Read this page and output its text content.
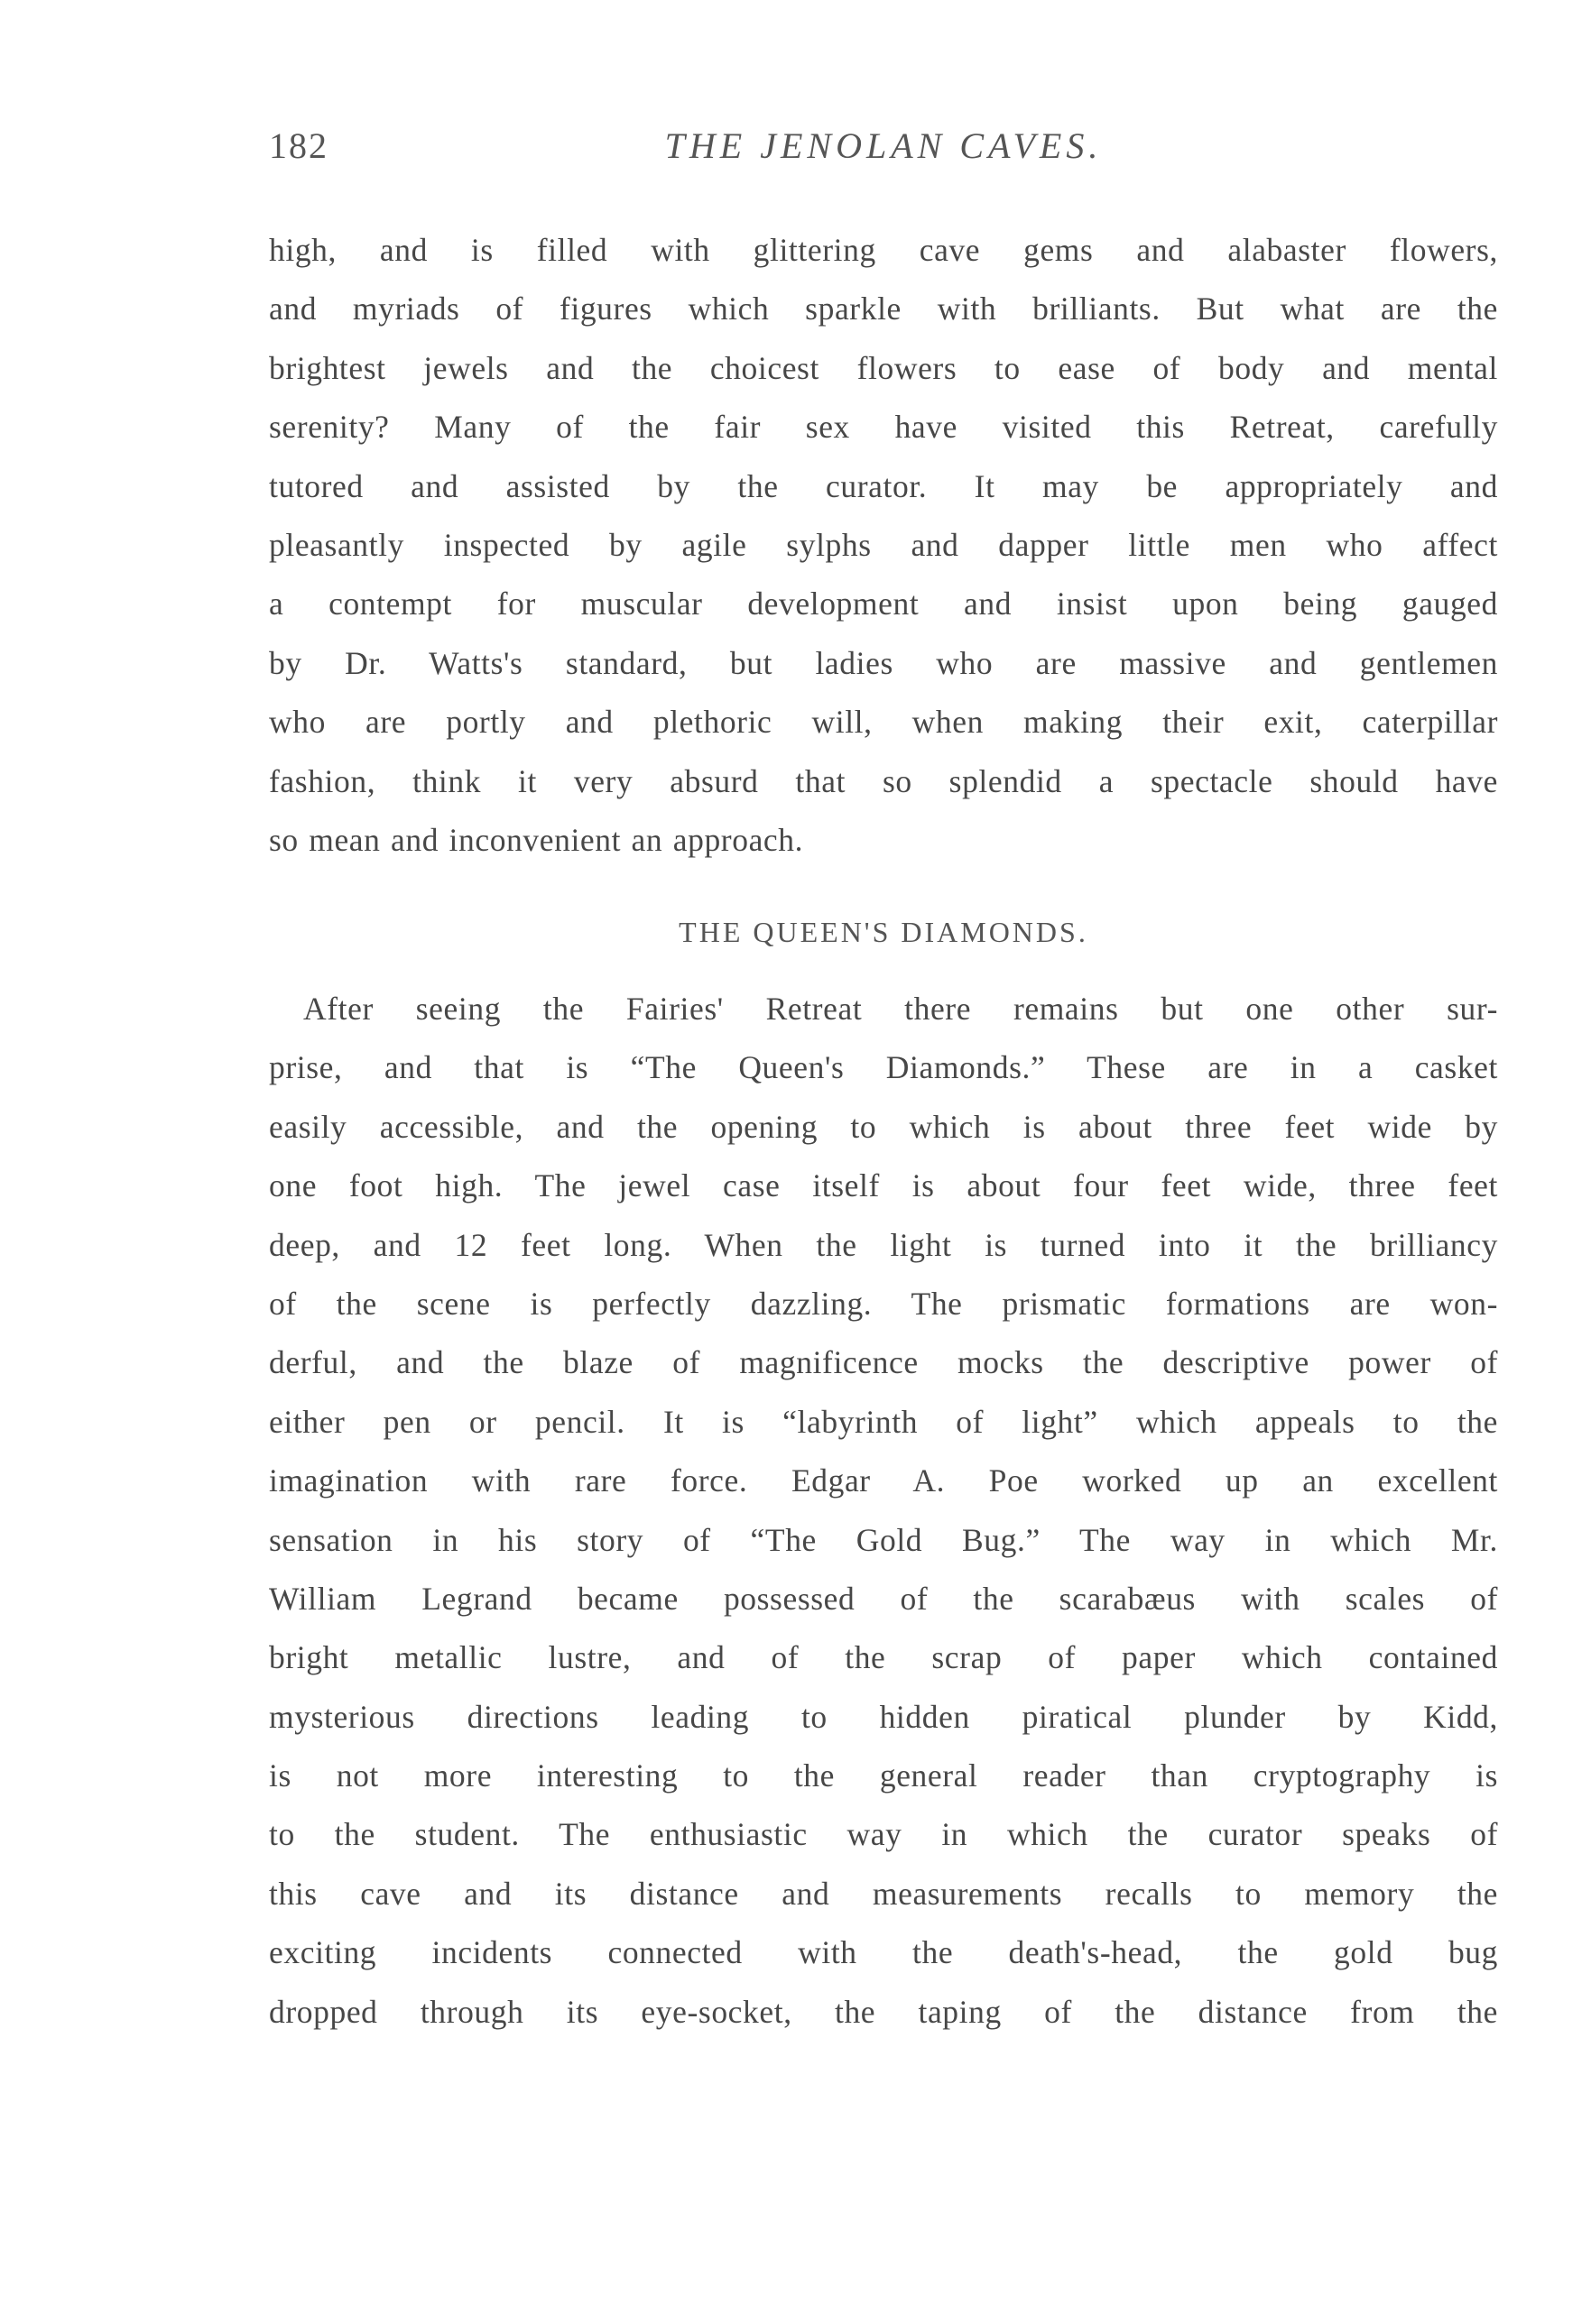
182	THE JENOLAN CAVES.
high, and is filled with glittering cave gems and alabaster flowers,
and myriads of figures which sparkle with brilliants. But what are the
brightest jewels and the choicest flowers to ease of body and mental
serenity? Many of the fair sex have visited this Retreat, carefully
tutored and assisted by the curator. It may be appropriately and
pleasantly inspected by agile sylphs and dapper little men who affect
a contempt for muscular development and insist upon being gauged
by Dr. Watts's standard, but ladies who are massive and gentlemen
who are portly and plethoric will, when making their exit, caterpillar
fashion, think it very absurd that so splendid a spectacle should have
so mean and inconvenient an approach.
THE QUEEN'S DIAMONDS.
After seeing the Fairies' Retreat there remains but one other sur-
prise, and that is “The Queen's Diamonds.” These are in a casket
easily accessible, and the opening to which is about three feet wide by
one foot high. The jewel case itself is about four feet wide, three feet
deep, and 12 feet long. When the light is turned into it the brilliancy
of the scene is perfectly dazzling. The prismatic formations are won-
derful, and the blaze of magnificence mocks the descriptive power of
either pen or pencil. It is “labyrinth of light” which appeals to the
imagination with rare force. Edgar A. Poe worked up an excellent
sensation in his story of “The Gold Bug.” The way in which Mr.
William Legrand became possessed of the scarabæus with scales of
bright metallic lustre, and of the scrap of paper which contained
mysterious directions leading to hidden piratical plunder by Kidd,
is not more interesting to the general reader than cryptography is
to the student. The enthusiastic way in which the curator speaks of
this cave and its distance and measurements recalls to memory the
exciting incidents connected with the death's-head, the gold bug
dropped through its eye-socket, the taping of the distance from the
